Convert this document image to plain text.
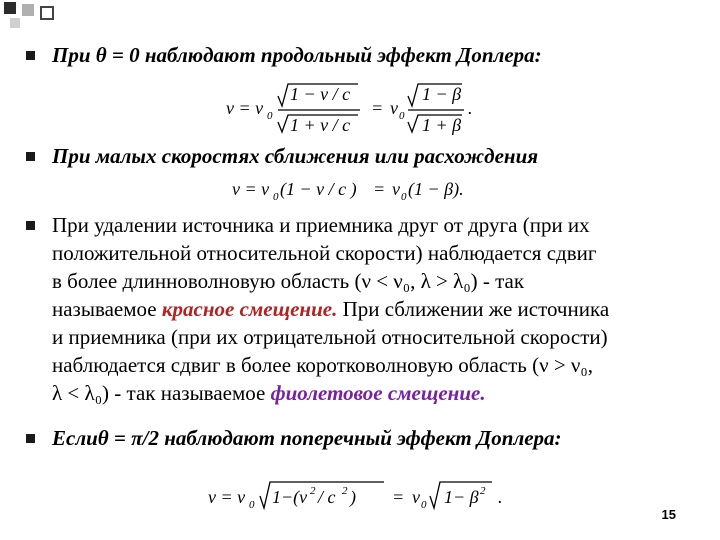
При θ = 0 наблюдают продольный эффект Доплера:
ν = ν 0
1 − v / c
1 + v / c
= ν 0
1 − β
1 + β
.
При малых скоростях сближения или расхождения
ν = ν 0 (1 − v / c ) = ν 0 (1 − β).
При удалении источника и приемника друг от друга (при их
положительной относительной скорости) наблюдается сдвиг
в более длинноволновую область (ν < ν₀, λ > λ₀) - так
называемое красное смещение. При сближении же источника
и приемника (при их отрицательной относительной скорости)
наблюдается сдвиг в более коротковолновую область (ν > ν₀,
λ < λ₀) - так называемое фиолетовое смещение.
Еслиθ = π/2 наблюдают поперечный эффект Доплера:
ν = ν 0 1−(v 2 / c 2 ) = ν 0 1− β 2 .
15
